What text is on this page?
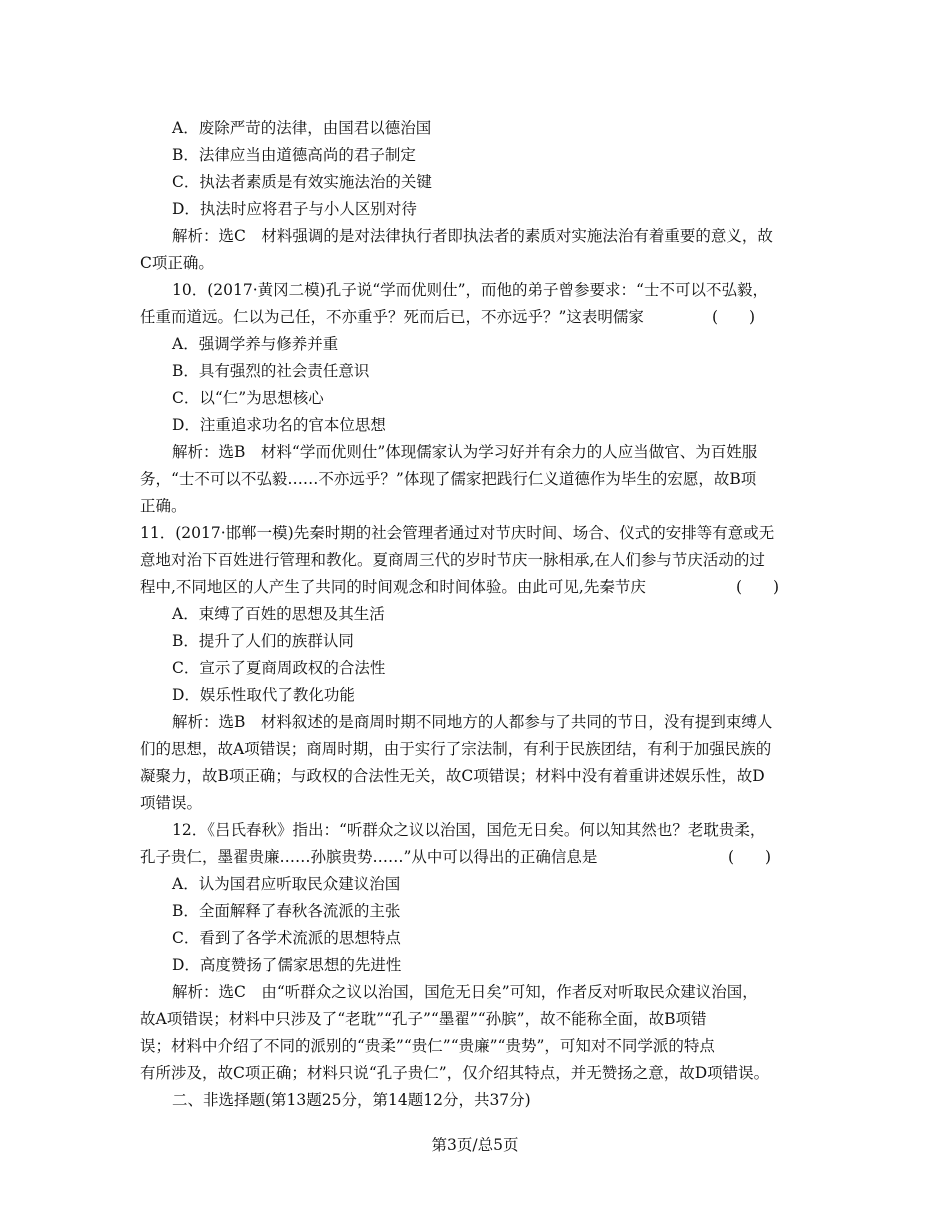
A．废除严苛的法律，由国君以德治国
B．法律应当由道德高尚的君子制定
C．执法者素质是有效实施法治的关键
D．执法时应将君子与小人区别对待
解析：选C　材料强调的是对法律执行者即执法者的素质对实施法治有着重要的意义，故
C项正确。
10．(2017·黄冈二模)孔子说“学而优则仕”，而他的弟子曾参要求：“士不可以不弘毅，
任重而道远。仁以为己任，不亦重乎？死而后已，不亦远乎？”这表明儒家	(　　)
A．强调学养与修养并重
B．具有强烈的社会责任意识
C．以“仁”为思想核心
D．注重追求功名的官本位思想
解析：选B　材料“学而优则仕”体现儒家认为学习好并有余力的人应当做官、为百姓服
务，“士不可以不弘毅……不亦远乎？”体现了儒家把践行仁义道德作为毕生的宏愿，故B项
正确。
11．(2017·邯郸一模)先秦时期的社会管理者通过对节庆时间、场合、仪式的安排等有意或无
意地对治下百姓进行管理和教化。夏商周三代的岁时节庆一脉相承,在人们参与节庆活动的过
程中,不同地区的人产生了共同的时间观念和时间体验。由此可见,先秦节庆	(　　)
A．束缚了百姓的思想及其生活
B．提升了人们的族群认同
C．宣示了夏商周政权的合法性
D．娱乐性取代了教化功能
解析：选B　材料叙述的是商周时期不同地方的人都参与了共同的节日，没有提到束缚人
们的思想，故A项错误；商周时期，由于实行了宗法制，有利于民族团结，有利于加强民族的
凝聚力，故B项正确；与政权的合法性无关，故C项错误；材料中没有着重讲述娱乐性，故D
项错误。
12．《吕氏春秋》指出：“听群众之议以治国，国危无日矣。何以知其然也？老耽贵柔，
孔子贵仁，墨翟贵廉……孙膑贵势……”从中可以得出的正确信息是	(　　)
A．认为国君应听取民众建议治国
B．全面解释了春秋各流派的主张
C．看到了各学术流派的思想特点
D．高度赞扬了儒家思想的先进性
解析：选C　由“听群众之议以治国，国危无日矣”可知，作者反对听取民众建议治国，
故A项错误；材料中只涉及了“老耽”“孔子”“墨翟”“孙膑”，故不能称全面，故B项错
误；材料中介绍了不同的派别的“贵柔”“贵仁”“贵廉”“贵势”，可知对不同学派的特点
有所涉及，故C项正确；材料只说“孔子贵仁”，仅介绍其特点，并无赞扬之意，故D项错误。
二、非选择题(第13题25分，第14题12分，共37分)
第3页/总5页
